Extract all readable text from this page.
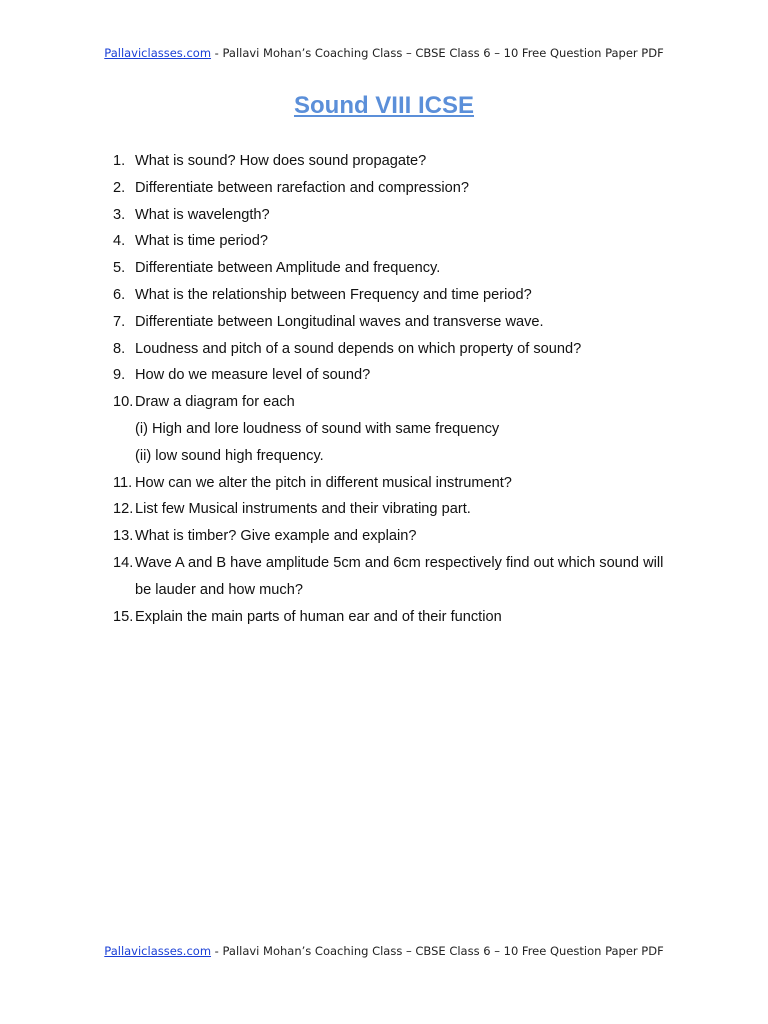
Pallaviclasses.com - Pallavi Mohan’s Coaching Class – CBSE Class 6 – 10 Free Question Paper PDF
Sound VIII ICSE
1. What is sound? How does sound propagate?
2. Differentiate between rarefaction and compression?
3. What is wavelength?
4. What is time period?
5. Differentiate between Amplitude and frequency.
6. What is the relationship between Frequency and time period?
7. Differentiate between Longitudinal waves and transverse wave.
8. Loudness and pitch of a sound depends on which property of sound?
9. How do we measure level of sound?
10. Draw a diagram for each
(i) High and lore loudness of sound with same frequency
(ii) low sound high frequency.
11. How can we alter the pitch in different musical instrument?
12. List few Musical instruments and their vibrating part.
13. What is timber? Give example and explain?
14. Wave A and B have amplitude 5cm and 6cm respectively find out which sound will be lauder and how much?
15. Explain the main parts of human ear and of their function
Pallaviclasses.com - Pallavi Mohan’s Coaching Class – CBSE Class 6 – 10 Free Question Paper PDF
